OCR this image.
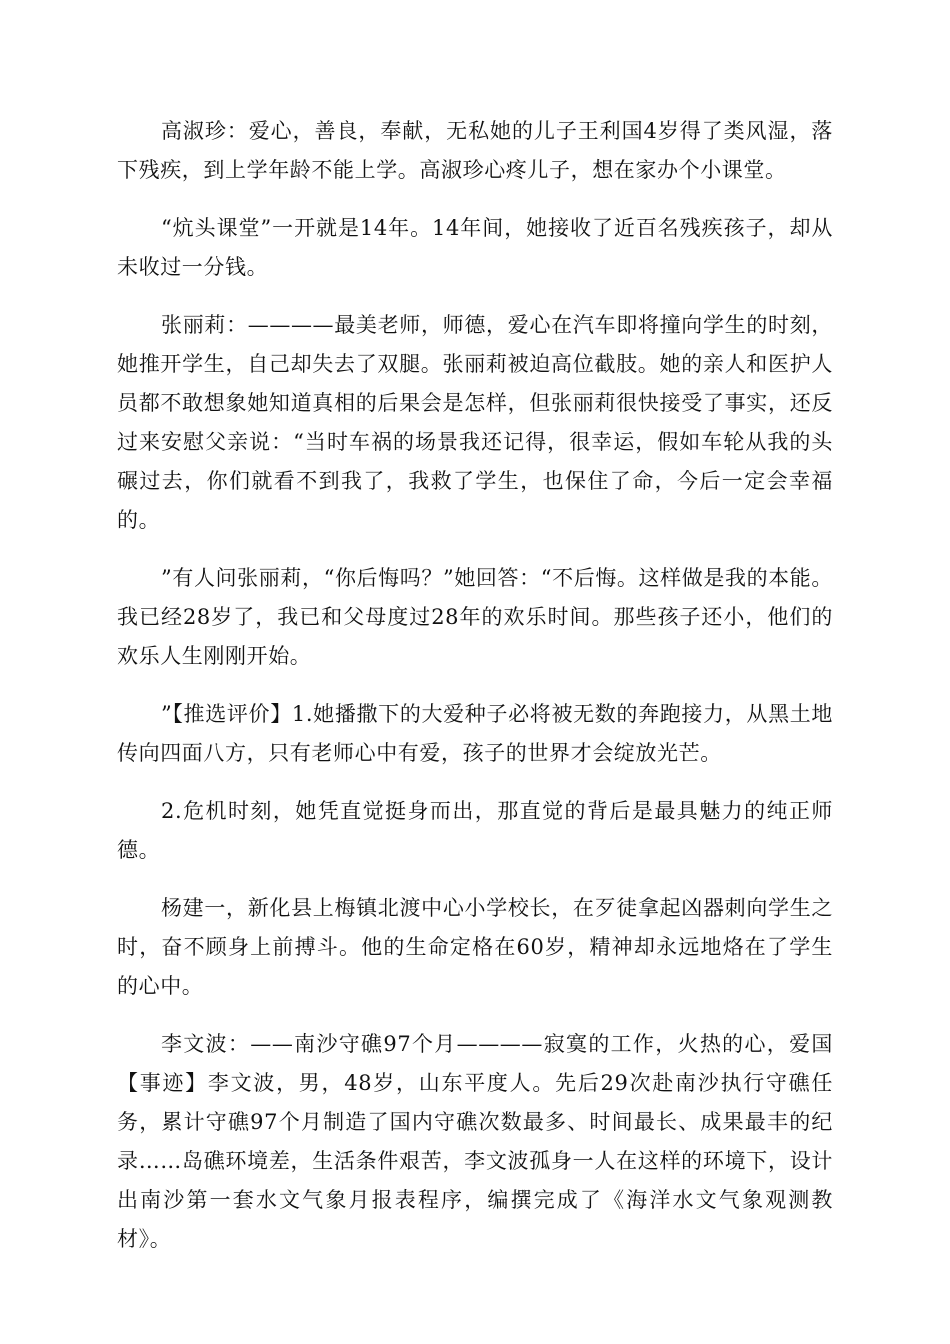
高淑珍：爱心，善良，奉献，无私她的儿子王利国4岁得了类风湿，落下残疾，到上学年龄不能上学。高淑珍心疼儿子，想在家办个小课堂。

“炕头课堂”一开就是14年。14年间，她接收了近百名残疾孩子，却从未收过一分钱。

张丽莉：————最美老师，师德，爱心在汽车即将撞向学生的时刻，她推开学生，自己却失去了双腿。张丽莉被迫高位截肢。她的亲人和医护人员都不敢想象她知道真相的后果会是怎样，但张丽莉很快接受了事实，还反过来安慰父亲说：“当时车祸的场景我还记得，很幸运，假如车轮从我的头碾过去，你们就看不到我了，我救了学生，也保住了命，今后一定会幸福的。

”有人问张丽莉，“你后悔吗？”她回答：“不后悔。这样做是我的本能。我已经28岁了，我已和父母度过28年的欢乐时间。那些孩子还小，他们的欢乐人生刚刚开始。

”【推选评价】1.她播撒下的大爱种子必将被无数的奔跑接力，从黑土地传向四面八方，只有老师心中有爱，孩子的世界才会绽放光芒。

2.危机时刻，她凭直觉挺身而出，那直觉的背后是最具魅力的纯正师德。

杨建一，新化县上梅镇北渡中心小学校长，在歹徒拿起凶器刺向学生之时，奋不顾身上前搏斗。他的生命定格在60岁，精神却永远地烙在了学生的心中。

李文波：——南沙守礁97个月————寂寞的工作，火热的心，爱国【事迹】李文波，男，48岁，山东平度人。先后29次赴南沙执行守礁任务，累计守礁97个月制造了国内守礁次数最多、时间最长、成果最丰的纪录……岛礁环境差，生活条件艰苦，李文波孤身一人在这样的环境下，设计出南沙第一套水文气象月报表程序，编撰完成了《海洋水文气象观测教材》。
